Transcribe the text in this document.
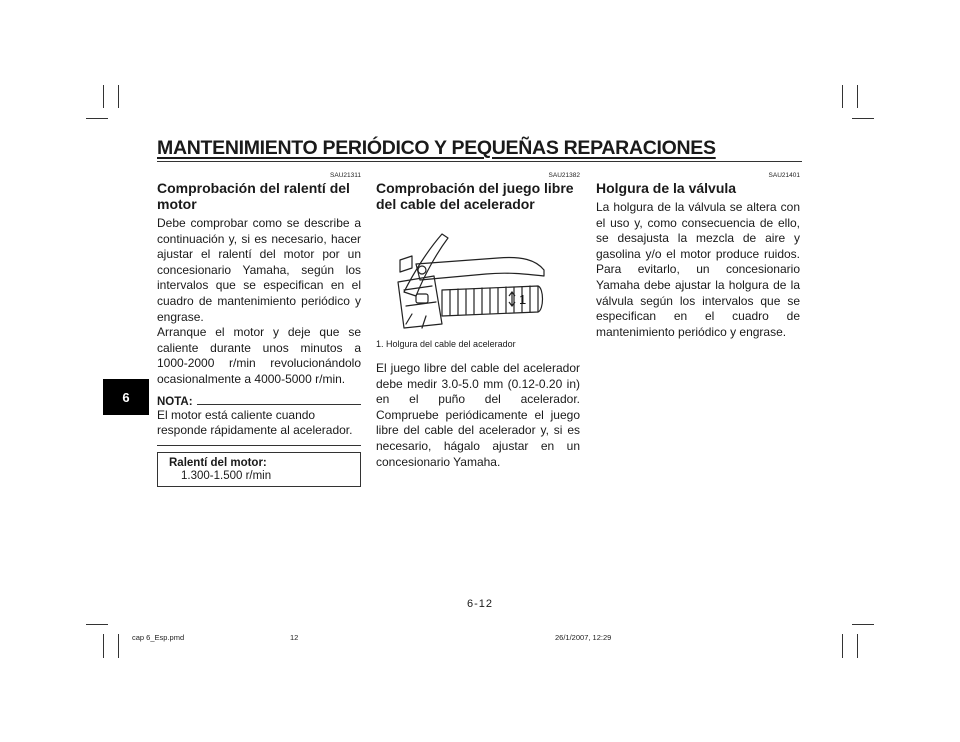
MANTENIMIENTO PERIÓDICO Y PEQUEÑAS REPARACIONES
6
SAU21311
Comprobación del ralentí del motor

Debe comprobar como se describe a continuación y, si es necesario, hacer ajustar el ralentí del motor por un concesionario Yamaha, según los intervalos que se especifican en el cuadro de mantenimiento periódico y engrase.

Arranque el motor y deje que se caliente durante unos minutos a 1000-2000 r/min revolucionándolo ocasionalmente a 4000-5000 r/min.

NOTA:

El motor está caliente cuando responde rápidamente al acelerador.

Ralentí del motor:
1.300-1.500 r/min
SAU21382
Comprobación del juego libre del cable del acelerador
1

1. Holgura del cable del acelerador

El juego libre del cable del acelerador debe medir 3.0-5.0 mm (0.12-0.20 in) en el puño del acelerador. Compruebe periódicamente el juego libre del cable del acelerador y, si es necesario, hágalo ajustar en un concesionario Yamaha.

SAU21401
Holgura de la válvula

La holgura de la válvula se altera con el uso y, como consecuencia de ello, se desajusta la mezcla de aire y gasolina y/o el motor produce ruidos. Para evitarlo, un concesionario Yamaha debe ajustar la holgura de la válvula según los intervalos que se especifican en el cuadro de mantenimiento periódico y engrase.

6-12
cap 6_Esp.pmd	12	26/1/2007, 12:29
